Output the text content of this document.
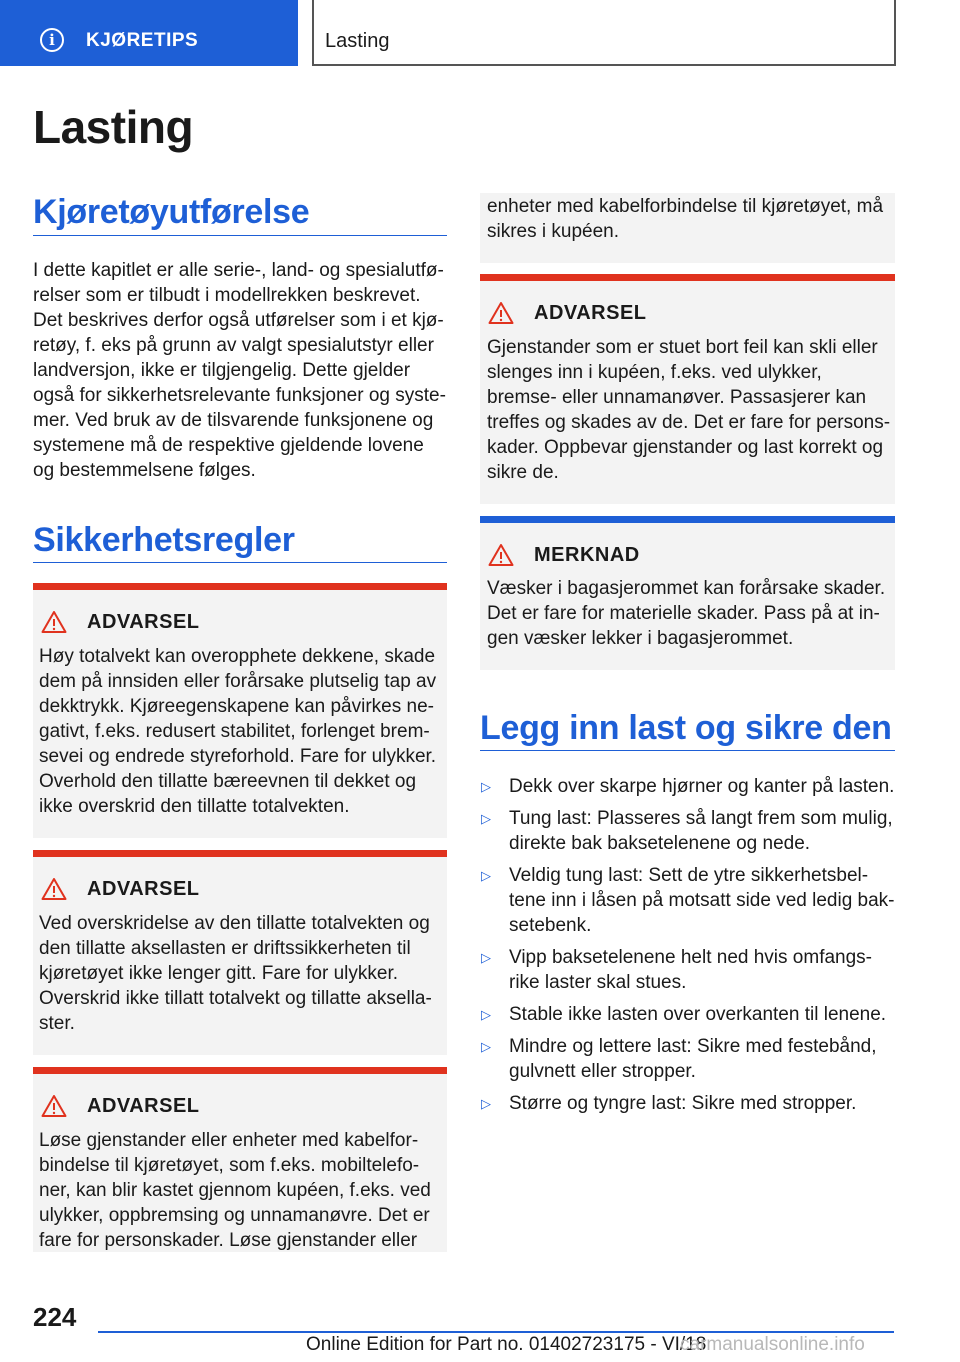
i	KJØRETIPS	Lasting
Lasting
Kjøretøyutførelse
I dette kapitlet er alle serie-, land- og spesialutfø-
relser som er tilbudt i modellrekken beskrevet.
Det beskrives derfor også utførelser som i et kjø-
retøy, f. eks på grunn av valgt spesialutstyr eller
landversjon, ikke er tilgjengelig. Dette gjelder
også for sikkerhetsrelevante funksjoner og syste-
mer. Ved bruk av de tilsvarende funksjonene og
systemene må de respektive gjeldende lovene
og bestemmelsene følges.
Sikkerhetsregler
ADVARSEL
Høy totalvekt kan overopphete dekkene, skade
dem på innsiden eller forårsake plutselig tap av
dekktrykk. Kjøreegenskapene kan påvirkes ne-
gativt, f.eks. redusert stabilitet, forlenget brem-
sevei og endrede styreforhold. Fare for ulykker.
Overhold den tillatte bæreevnen til dekket og
ikke overskrid den tillatte totalvekten.
ADVARSEL
Ved overskridelse av den tillatte totalvekten og
den tillatte aksellasten er driftssikkerheten til
kjøretøyet ikke lenger gitt. Fare for ulykker.
Overskrid ikke tillatt totalvekt og tillatte aksella-
ster.
ADVARSEL
Løse gjenstander eller enheter med kabelfor-
bindelse til kjøretøyet, som f.eks. mobiltelefo-
ner, kan blir kastet gjennom kupéen, f.eks. ved
ulykker, oppbremsing og unnamanøvre. Det er
fare for personskader. Løse gjenstander eller
enheter med kabelforbindelse til kjøretøyet, må
sikres i kupéen.
ADVARSEL
Gjenstander som er stuet bort feil kan skli eller
slenges inn i kupéen, f.eks. ved ulykker,
bremse- eller unnamanøver. Passasjerer kan
treffes og skades av de. Det er fare for persons-
kader. Oppbevar gjenstander og last korrekt og
sikre de.
MERKNAD
Væsker i bagasjerommet kan forårsake skader.
Det er fare for materielle skader. Pass på at in-
gen væsker lekker i bagasjerommet.
Legg inn last og sikre den
▷ Dekk over skarpe hjørner og kanter på lasten.
▷ Tung last: Plasseres så langt frem som mulig,
direkte bak baksetelenene og nede.
▷ Veldig tung last: Sett de ytre sikkerhetsbel-
tene inn i låsen på motsatt side ved ledig bak-
setebenk.
▷ Vipp baksetelenene helt ned hvis omfangs-
rike laster skal stues.
▷ Stable ikke lasten over overkanten til lenene.
▷ Mindre og lettere last: Sikre med festebånd,
gulvnett eller stropper.
▷ Større og tyngre last: Sikre med stropper.
224
Online Edition for Part no. 01402723175 - VI/18
carmanualsonline.info
